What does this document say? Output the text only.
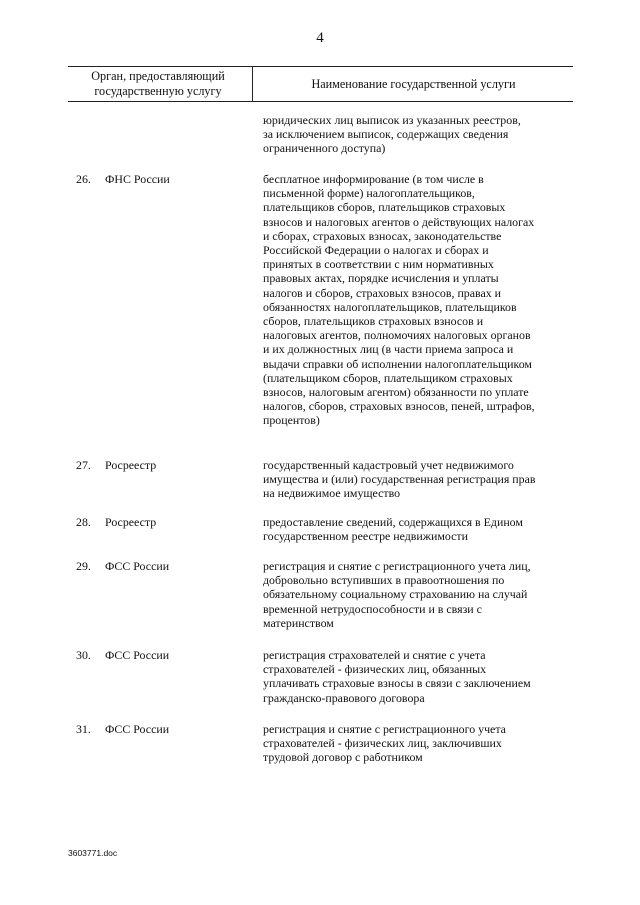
4
Орган, предоставляющий
государственную услугу
Наименование государственной услуги
юридических лиц выписок из указанных реестров,
за исключением выписок, содержащих сведения
ограниченного доступа)
26. ФНС России	бесплатное информирование (в том числе в
письменной форме) налогоплательщиков,
плательщиков сборов, плательщиков страховых
взносов и налоговых агентов о действующих налогах
и сборах, страховых взносах, законодательстве
Российской Федерации о налогах и сборах и
принятых в соответствии с ним нормативных
правовых актах, порядке исчисления и уплаты
налогов и сборов, страховых взносов, правах и
обязанностях налогоплательщиков, плательщиков
сборов, плательщиков страховых взносов и
налоговых агентов, полномочиях налоговых органов
и их должностных лиц (в части приема запроса и
выдачи справки об исполнении налогоплательщиком
(плательщиком сборов, плательщиком страховых
взносов, налоговым агентом) обязанности по уплате
налогов, сборов, страховых взносов, пеней, штрафов,
процентов)
27. Росреестр	государственный кадастровый учет недвижимого
имущества и (или) государственная регистрация прав
на недвижимое имущество
28. Росреестр	предоставление сведений, содержащихся в Едином
государственном реестре недвижимости
29. ФСС России	регистрация и снятие с регистрационного учета лиц,
добровольно вступивших в правоотношения по
обязательному социальному страхованию на случай
временной нетрудоспособности и в связи с
материнством
30. ФСС России	регистрация страхователей и снятие с учета
страхователей - физических лиц, обязанных
уплачивать страховые взносы в связи с заключением
гражданско-правового договора
31. ФСС России	регистрация и снятие с регистрационного учета
страхователей - физических лиц, заключивших
трудовой договор с работником
3603771.doc
